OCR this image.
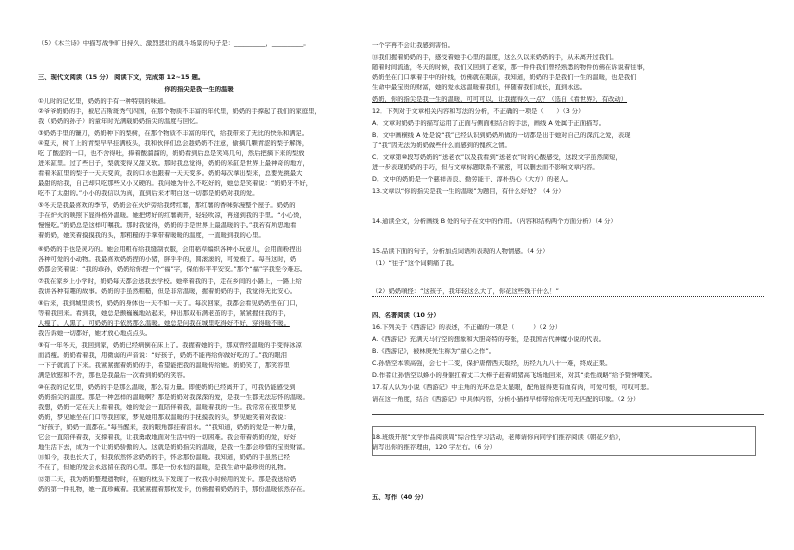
（5）《木兰诗》中描写战争旷日持久、激烈悲壮的战斗场景的句子是：__________，__________。
三、现代文阅读（15 分） 阅读下文，完成第 12~15 题。
你的指尖是我一生的温暖
①儿时的记忆里，奶奶的手有一种特别的味道。
②爷爷奶奶的手，被尼吉斯斑秀气四国，在那个物质不丰富的年代里，奶奶的手撑起了我们的家庭里，
我（奶奶的孙子）的童年时光满载奶奶指尖的温度与回忆。
③奶奶手里的镰刀，奶奶种下的梨树，在那个物质不丰富的年代，给我带来了无比的快乐和满足。
④夏天，树丫上的青梨早早挂满枝头，我和伙伴们总会趁奶奶不注意，偷摘几颗青涩的梨子解馋，
吃 了酸涩的一口，也不舍得吐，捧着酸溜溜的，奶奶看到后总是笑骂几句，然后把摘下来的梨放
进米缸里。过了些日子，梨就变得又甜又软。那时我总觉得，奶奶的米缸是世界上最神奇的地方，
看着米缸里的梨子一天天变黄，我的口水也跟着一天天变多。奶奶每次拿出梨来，总要先挑最大
最甜的给我，自己却只吃那些又小又硬的。我问她为什么不吃好的，她总是笑着说：“奶奶牙不好，
吃不了太甜的。”小小的我信以为真，直到后来才明白这一切都是奶奶对我的爱。
⑤冬天是我最喜欢的季节，奶奶会在火炉旁给我烤红薯，那红薯的香味弥漫整个屋子。奶奶的
手在炉火的映照下显得格外温暖。她把烤好的红薯剥开，轻轻吹凉，再递到我的手里。“小心烫，
慢慢吃。”奶奶总是这样叮嘱我。那时我觉得，奶奶的手是世界上最温暖的手。”我若有所思地看
着奶奶，她笑着摸摸我的头，那粗糙的手掌带着暖暖的温度，一直暖到我的心里。
⑥奶奶的手也是灵巧的。她会用粗布给我缝制衣服，会用稻草编织各种小玩意儿，会用面粉捏出
各种可爱的小动物。我最喜欢奶奶捏的小猪，胖乎乎的，圆滚滚的，可爱极了。每当这时，奶
奶都会笑着说：“我的乖孙，奶奶给你捏一个“福”字，保佑你平平安安。”那个“福”字我至今难忘。
⑦我在家乡上小学时，奶奶每天都会送我去学校。她牵着我的手，走在乡间的小路上，一路上给
我讲各种有趣的故事。奶奶的手虽然粗糙，但是非常温暖，握着奶奶的手，我觉得无比安心。
⑧后来，我到城里读书，奶奶的身体也一天不如一天了。每次回家，我都会看见奶奶坐在门口，
等着我回来。看到我，她总是颤巍巍地站起来，伸出那双布满老茧的手，紧紧握住我的手，
人瘦了，人黑了，可奶奶的手依然那么温暖。她总是问我在城里吃得好不好，穿得暖不暖。
我告诉她一切都好，她才放心地点点头。
⑨有一年冬天，我回到家，奶奶已经病倒在床上了。我握着她的手，那双曾经温暖的手变得冰凉
而消瘦。奶奶看着我，用微弱的声音说：“好孩子，奶奶不能再给你做好吃的了。”我的眼泪
一下子就流了下来。我紧紧握着奶奶的手，希望能把我的温暖传给她。奶奶笑了，那笑容里
满是欣慰和不舍，那也是我最后一次看到奶奶的笑容。
⑩在我的记忆里，奶奶的手是那么温暖，那么有力量。即使奶奶已经离开了，可我仍能感受到
奶奶指尖的温度。那是一种怎样的温暖啊？那是奶奶对我深深的爱，是我一生都无法忘怀的温暖。
我想，奶奶一定在天上看着我，她的爱会一直陪伴着我，温暖着我的一生。我常常在夜里梦见
奶奶，梦见她坐在门口等我回家，梦见她用那双温暖的手抚摸我的头，梦见她笑着对我说：
“好孩子，奶奶一直都在。”每当醒来，我的眼角都挂着泪水。“”我知道，奶奶的爱是一种力量，
它会一直陪伴着我，支撑着我，让我勇敢地面对生活中的一切困难。我会带着奶奶的爱，好好
地生活下去，成为一个让奶奶骄傲的人。这就是奶奶指尖的温暖，是我一生都会珍惜的宝贵财富。
⑪如今，我也长大了，但我依然怀念奶奶的手，怀念那份温暖。我知道，奶奶的手虽然已经
不在了，但她的爱会永远留在我的心里。那是一份永恒的温暖，是我生命中最珍贵的礼物。
⑫第二天，我为奶奶整理遗物时，在她的枕头下发现了一枚我小时候用的发卡。那是我送给奶
奶的第一件礼物，她一直珍藏着。我紧紧握着那枚发卡，仿佛握着奶奶的手，那份温暖依然存在。
一个字再不会让我感到害怕。
⑬我们握着奶奶的手，感受着她手心里的温度，这么久以来奶奶的手，从未离开过我们。
随着时间流逝，冬天的时候，我们又回到了老家，那一件件我们曾经熟悉的物件仿佛在诉说着往事，
奶奶坐在门口拿着手中的针线，仿佛就在眼前，我知道，奶奶的手是我们一生的温暖，也是我们
生命中最宝贵的财富，她的爱永远温暖着我们，伴随着我们成长，直到永远。
奶奶，你的指尖是我一生的温暖，可可可以，让我握得久一点？（选自《看世界》，有改动）
12．下列对于文章相关内容和写法的分析，不正确的一项是（　　）（3 分）
A．文章对奶奶手的描写运用了正面与侧面相结合的手法，画线 A 处属于正面描写。
B．文中画横线 A 处是说“我”已经认识到奶奶所做的一切都是出于她对自己的深沉之爱，表现
了“我”因无法为奶奶做些什么而感到的愧疚之情。
C．文章第⑩段写奶奶的“送老衣”以及我看到“送老衣”时的心酸感受，这段文字虽然简短，
进一步表现奶奶的手巧，但与文章标题联系不紧密，可以删去而不影响文章内容。
D．文中的奶奶是一个慈祥善良、勤劳能干、淳朴热心（大方）的老人。
13.文章以“你的指尖是我一生的温暖”为题目，有什么好处？（4 分）
14.通读全文，分析画线 B 处的句子在文中的作用。（内容和结构两个方面分析）（4 分）
15.品读下面的句子，分析加点词语所表现的人物情感。（4 分）
（1）“往子”这个词刺痛了我。
（2）奶奶嗔怪：“这孩子，我年轻这么大了，你花这些钱干什么！”
四、名著阅读（10 分）
16.下列关于《西游记》的表述，不正确的一项是（　　　）（2 分）
A.《西游记》充满天马行空的想象和大胆奇特的夸张，是我国古代神魔小说的代表。
B.《西游记》，被林庚先生称为“童心之作”。
C.孙悟空本领高强，会七十二变，保护唐僧西天取经，历经九九八十一难，终成正果。
D.作者让孙悟空以蜂小的身躯扛着丈二大棒子赶着胡猪高飞场地回来，对其“柔性战略”给予赞誉嘲笑。
17.有人认为小说《西游记》中主角的光环总是太显眼，配角显得更有血有肉，可爱可恨，可叹可悲。
请在这一角度，结合《西游记》中具体内容，分析小猫样早样带给你无可无匹配的印象。（2 分）
18.班级开展“文学作品阅读周”综合性学习活动，老师请你向同学们推荐阅读《朝花夕拾》，
请写出你的推荐理由，120 字左右。（6 分）
五、写作（40 分）
